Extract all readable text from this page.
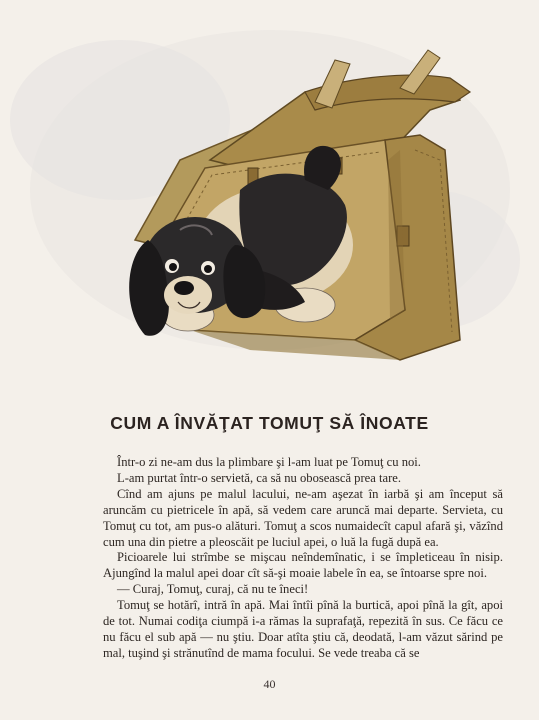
CUM A ÎNVĂŢAT TOMUŢ SĂ ÎNOATE

Într-o zi ne-am dus la plimbare şi l-am luat pe Tomuţ cu noi.

L-am purtat într-o servietă, ca să nu obosească prea tare.

Cînd am ajuns pe malul lacului, ne-am aşezat în iarbă şi am început să aruncăm cu pietricele în apă, să vedem care aruncă mai departe. Servieta, cu Tomuţ cu tot, am pus-o alături. Tomuţ a scos numaidecît capul afară şi, văzînd cum una din pietre a pleoscăit pe luciul apei, o luă la fugă după ea.

Picioarele lui strîmbe se mişcau neîndemînatic, i se împleticeau în nisip. Ajungînd la malul apei doar cît să-şi moaie labele în ea, se întoarse spre noi.

— Curaj, Tomuţ, curaj, că nu te îneci!

Tomuţ se hotărî, intră în apă. Mai întîi pînă la burtică, apoi pînă la gît, apoi de tot. Numai codiţa ciumpă i-a rămas la suprafaţă, repezită în sus. Ce făcu ce nu făcu el sub apă — nu ştiu. Doar atîta ştiu că, deodată, l-am văzut sărind pe mal, tuşind şi strănutînd de mama focului. Se vede treaba că se

40
